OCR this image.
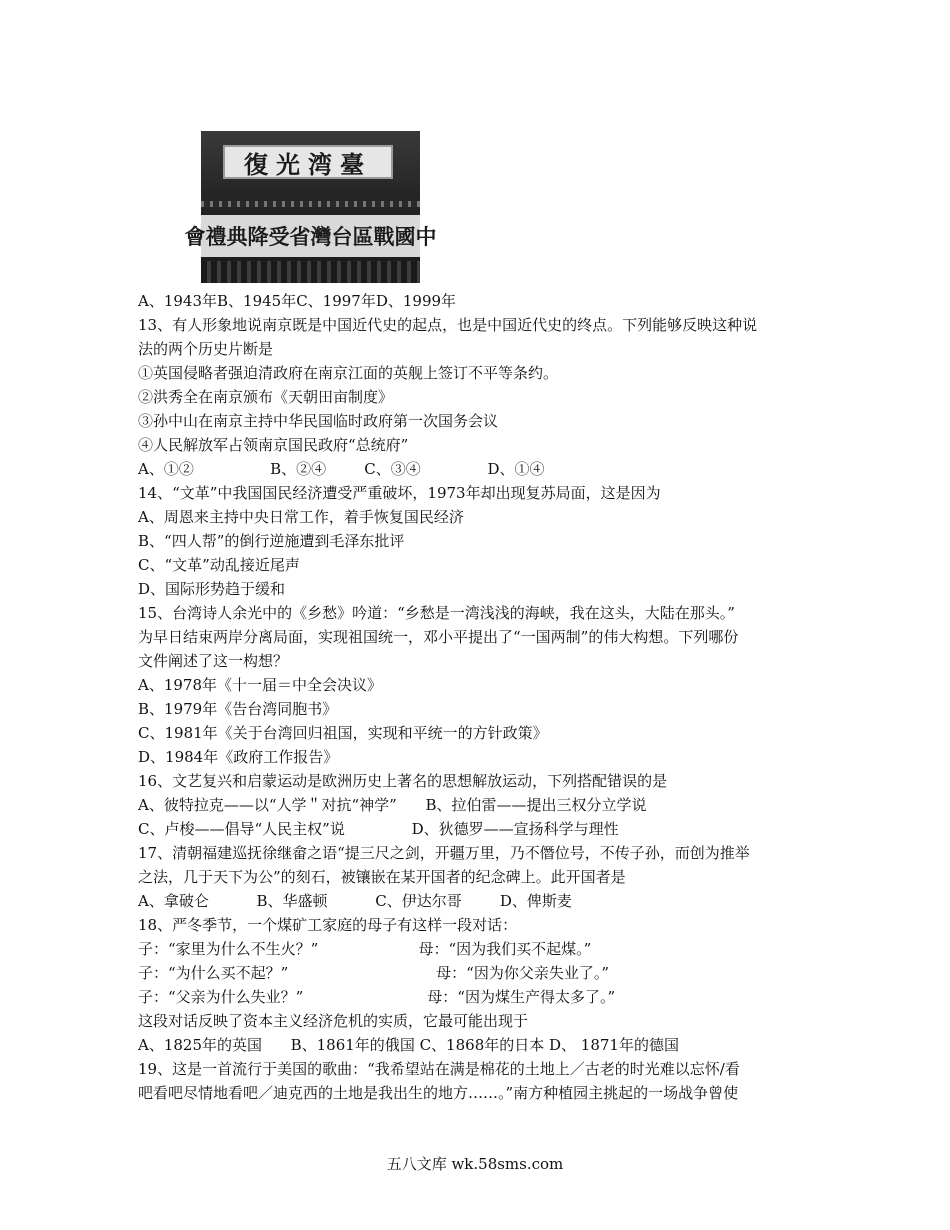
復光湾臺
會禮典降受省灣台區戰國中
A、1943年B、1945年C、1997年D、1999年
13、有人形象地说南京既是中国近代史的起点，也是中国近代史的终点。下列能够反映这种说
法的两个历史片断是
①英国侵略者强迫清政府在南京江面的英舰上签订不平等条约。
②洪秀全在南京颁布《天朝田亩制度》
③孙中山在南京主持中华民国临时政府第一次国务会议
④人民解放军占领南京国民政府“总统府”
A、①②                B、②④        C、③④              D、①④
14、“文革”中我国国民经济遭受严重破坏，1973年却出现复苏局面，这是因为
A、周恩来主持中央日常工作，着手恢复国民经济
B、“四人帮”的倒行逆施遭到毛泽东批评
C、“文革”动乱接近尾声
D、国际形势趋于缓和
15、台湾诗人余光中的《乡愁》吟道：“乡愁是一湾浅浅的海峡，我在这头，大陆在那头。”
为早日结束两岸分离局面，实现祖国统一，邓小平提出了“一国两制”的伟大构想。下列哪份
文件阐述了这一构想？
A、1978年《十一届＝中全会决议》
B、1979年《告台湾同胞书》
C、1981年《关于台湾回归祖国，实现和平统一的方针政策》
D、1984年《政府工作报告》
16、文艺复兴和启蒙运动是欧洲历史上著名的思想解放运动，下列搭配错误的是
A、彼特拉克——以“人学＂对抗“神学”      B、拉伯雷——提出三权分立学说
C、卢梭——倡导“人民主权”说              D、狄德罗——宣扬科学与理性
17、清朝福建巡抚徐继畲之语“提三尺之剑，开疆万里，乃不僭位号，不传子孙，而创为推举
之法，几于天下为公”的刻石，被镶嵌在某开国者的纪念碑上。此开国者是
A、拿破仑          B、华盛顿          C、伊达尔哥        D、俾斯麦
18、严冬季节，一个煤矿工家庭的母子有这样一段对话：
子：“家里为什么不生火？”                     母：“因为我们买不起煤。”
子：“为什么买不起？”                               母：“因为你父亲失业了。”
子：“父亲为什么失业？”                          母：“因为煤生产得太多了。”
这段对话反映了资本主义经济危机的实质，它最可能出现于
A、1825年的英国      B、1861年的俄国 C、1868年的日本 D、 1871年的德国
19、这是一首流行于美国的歌曲：“我希望站在满是棉花的土地上／古老的时光难以忘怀/看
吧看吧尽情地看吧／迪克西的土地是我出生的地方……。”南方种植园主挑起的一场战争曾使
五八文库 wk.58sms.com
